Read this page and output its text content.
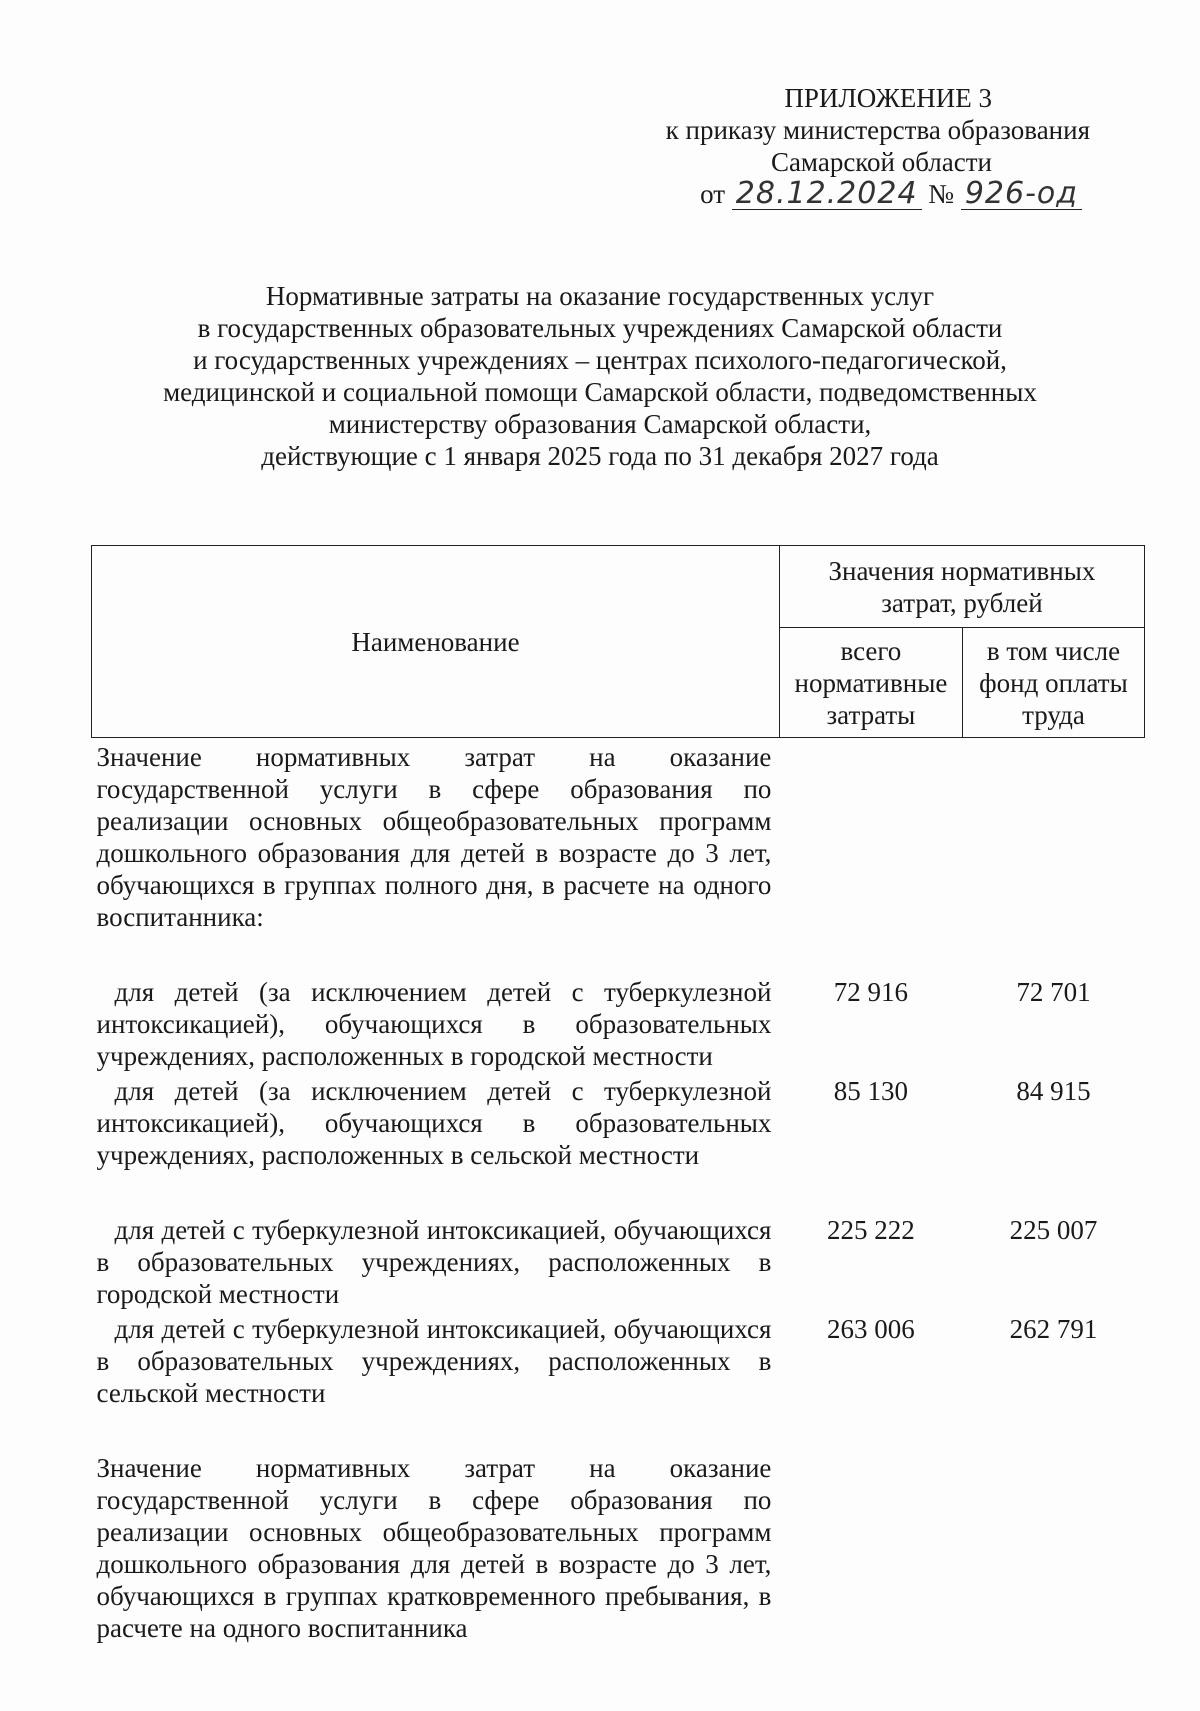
ПРИЛОЖЕНИЕ 3
к приказу министерства образования
Самарской области
от 28.12.2024 № 926-од
Нормативные затраты на оказание государственных услуг
в государственных образовательных учреждениях Самарской области
и государственных учреждениях – центрах психолого-педагогической,
медицинской и социальной помощи Самарской области, подведомственных
министерству образования Самарской области,
действующие с 1 января 2025 года по 31 декабря 2027 года
Наименование	Значения нормативных затрат, рублей	
	всего нормативные затраты	в том числе фонд оплаты труда
Значение нормативных затрат на оказание государственной услуги в сфере образования по реализации основных общеобразовательных программ дошкольного образования для детей в возрасте до 3 лет, обучающихся в группах полного дня, в расчете на одного воспитанника:		

для детей (за исключением детей с туберкулезной интоксикацией), обучающихся в образовательных учреждениях, расположенных в городской местности	72 916	72 701
для детей (за исключением детей с туберкулезной интоксикацией), обучающихся в образовательных учреждениях, расположенных в сельской местности	85 130	84 915

для детей с туберкулезной интоксикацией, обучающихся в образовательных учреждениях, расположенных в городской местности	225 222	225 007
для детей с туберкулезной интоксикацией, обучающихся в образовательных учреждениях, расположенных в сельской местности	263 006	262 791

Значение нормативных затрат на оказание государственной услуги в сфере образования по реализации основных общеобразовательных программ дошкольного образования для детей в возрасте до 3 лет, обучающихся в группах кратковременного пребывания, в расчете на одного воспитанника		
